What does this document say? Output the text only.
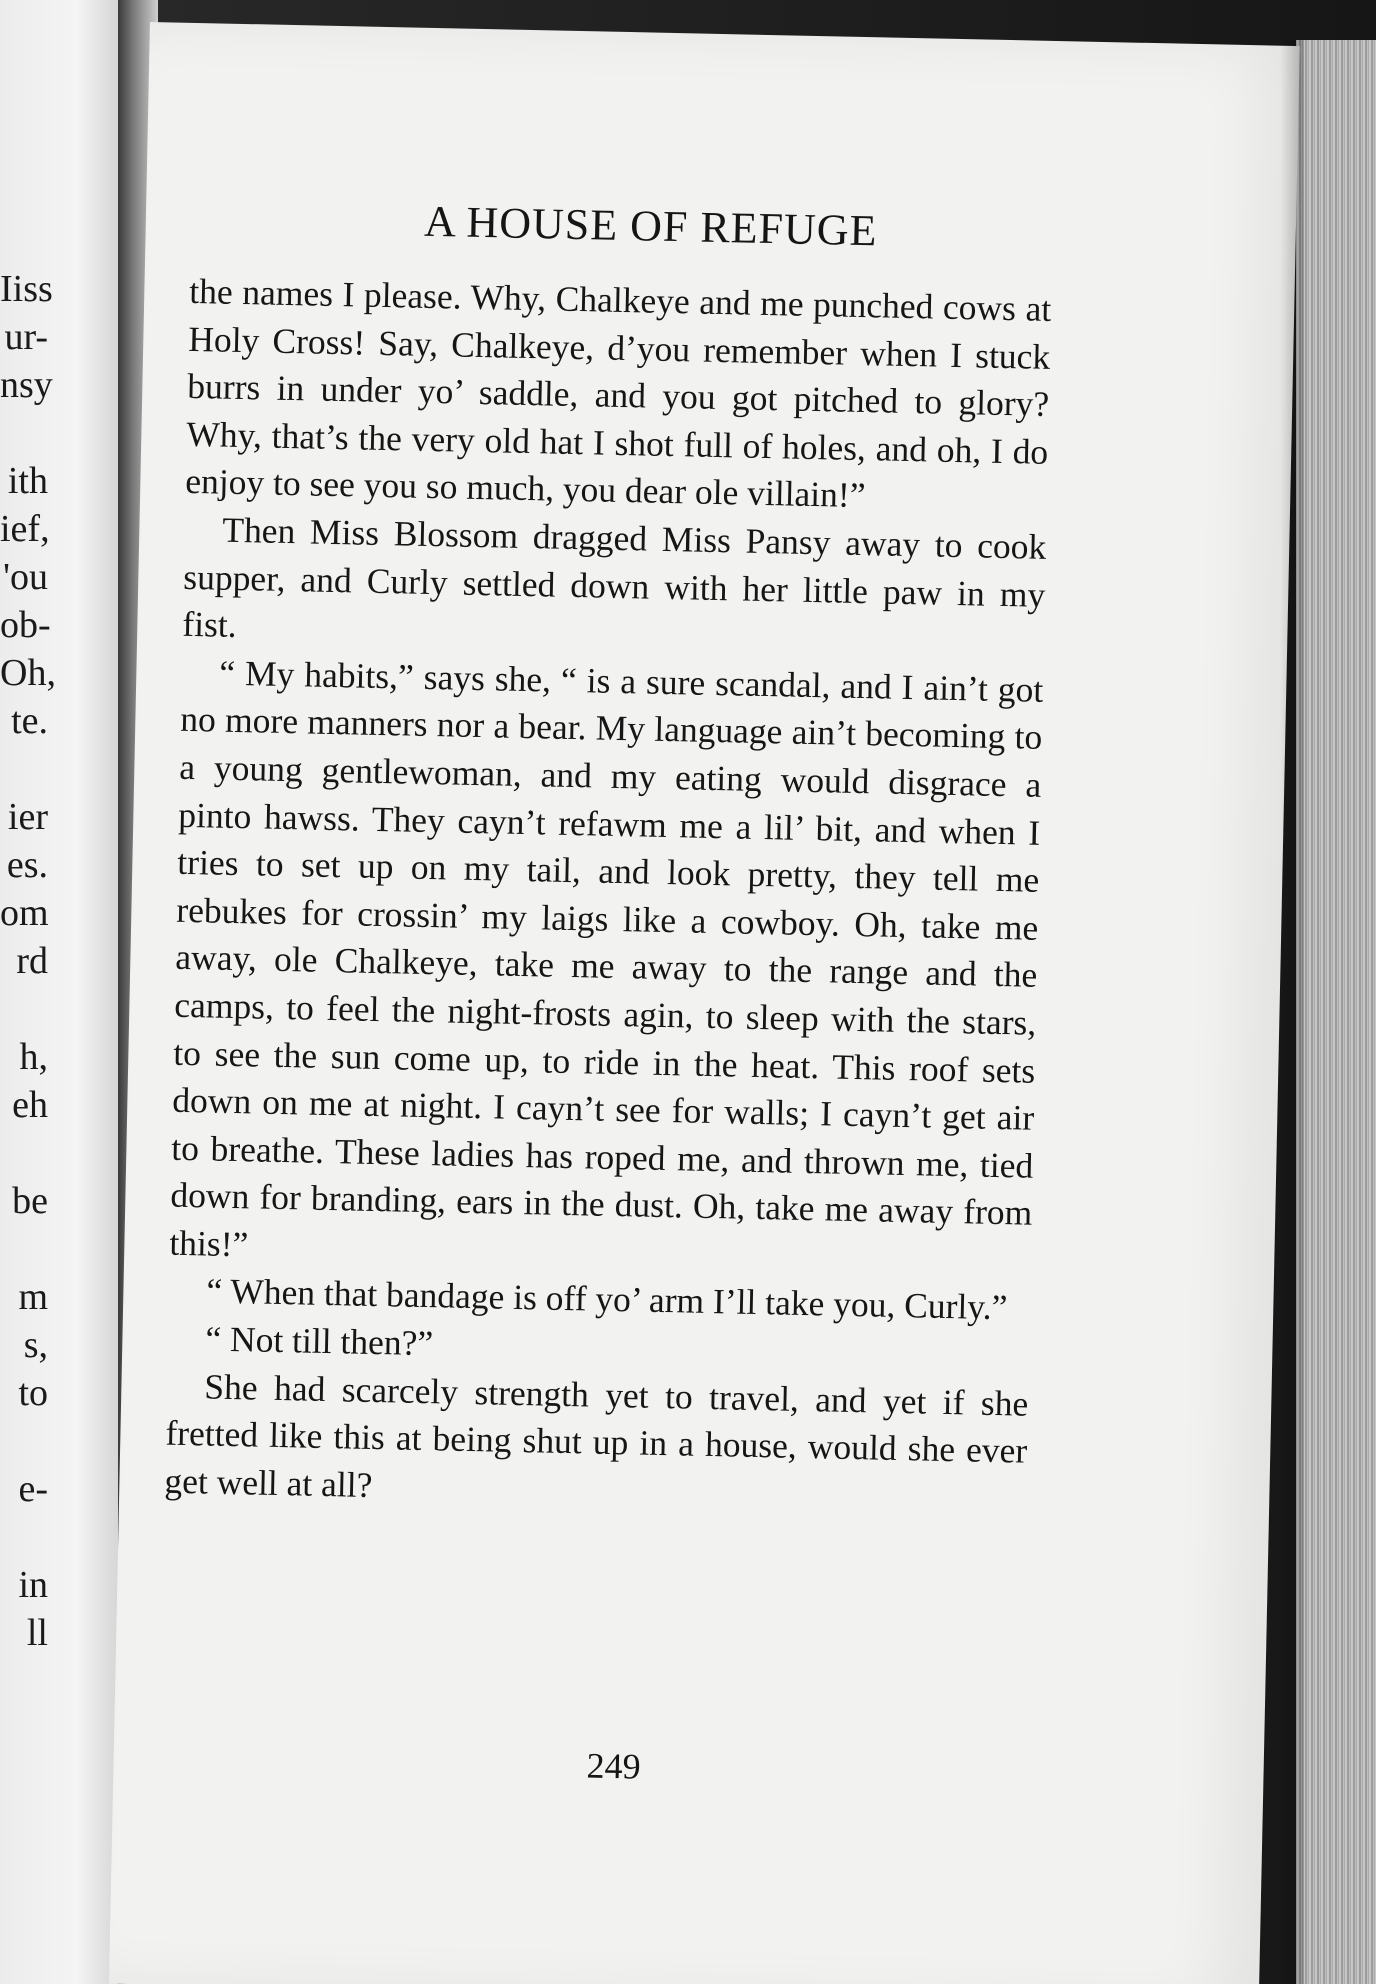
Iiss
ur-
nsy
ith
ief,
'ou
ob-
Oh,
te.
ier
es.
om
rd
h,
eh
be
m
s,
to
e-
in
ll
A HOUSE OF REFUGE

the names I please. Why, Chalkeye and me punched cows at Holy Cross! Say, Chalkeye, d’you remember when I stuck burrs in under yo’ saddle, and you got pitched to glory? Why, that’s the very old hat I shot full of holes, and oh, I do enjoy to see you so much, you dear ole villain!”

Then Miss Blossom dragged Miss Pansy away to cook supper, and Curly settled down with her little paw in my fist.

“ My habits,” says she, “ is a sure scandal, and I ain’t got no more manners nor a bear. My language ain’t becoming to a young gentlewoman, and my eating would disgrace a pinto hawss. They cayn’t refawm me a lil’ bit, and when I tries to set up on my tail, and look pretty, they tell me rebukes for crossin’ my laigs like a cowboy. Oh, take me away, ole Chalkeye, take me away to the range and the camps, to feel the night-frosts agin, to sleep with the stars, to see the sun come up, to ride in the heat. This roof sets down on me at night. I cayn’t see for walls; I cayn’t get air to breathe. These ladies has roped me, and thrown me, tied down for branding, ears in the dust. Oh, take me away from this!”

“ When that bandage is off yo’ arm I’ll take you, Curly.”

“ Not till then?”

She had scarcely strength yet to travel, and yet if she fretted like this at being shut up in a house, would she ever get well at all?

249
